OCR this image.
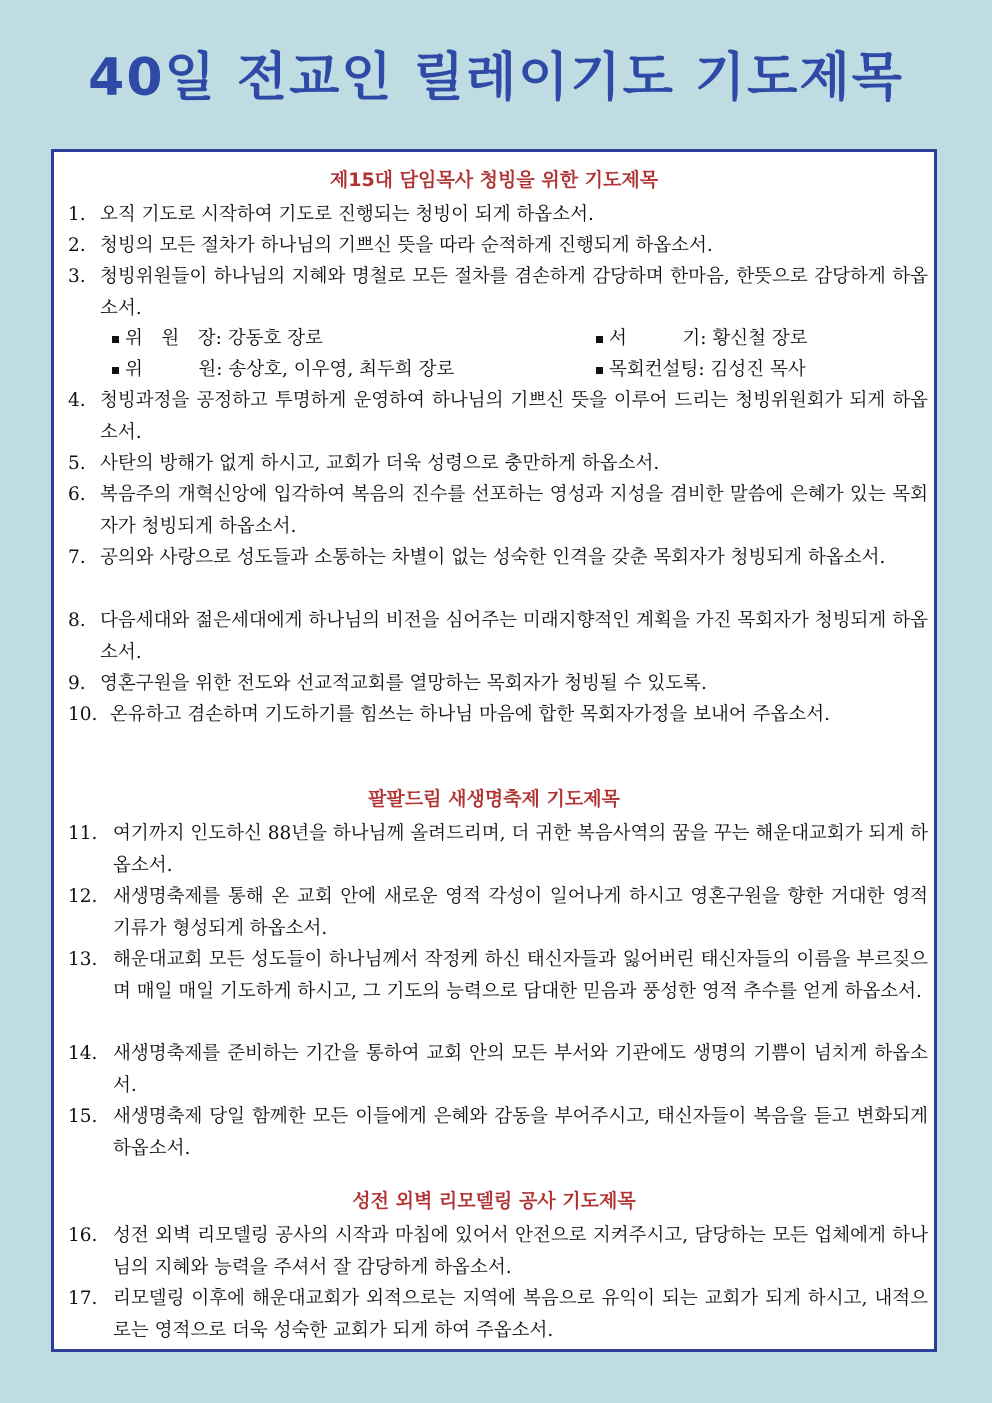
40일 전교인 릴레이기도 기도제목
제15대 담임목사 청빙을 위한 기도제목
1. 오직 기도로 시작하여 기도로 진행되는 청빙이 되게 하옵소서.
2. 청빙의 모든 절차가 하나님의 기쁘신 뜻을 따라 순적하게 진행되게 하옵소서.
3. 청빙위원들이 하나님의 지혜와 명철로 모든 절차를 겸손하게 감당하며 한마음, 한뜻으로 감당하게 하옵소서.
위　원　장: 강동호 장로	서　　　기: 황신철 장로
위　　　원: 송상호, 이우영, 최두희 장로	목회컨설팅: 김성진 목사
4. 청빙과정을 공정하고 투명하게 운영하여 하나님의 기쁘신 뜻을 이루어 드리는 청빙위원회가 되게 하옵소서.
5. 사탄의 방해가 없게 하시고, 교회가 더욱 성령으로 충만하게 하옵소서.
6. 복음주의 개혁신앙에 입각하여 복음의 진수를 선포하는 영성과 지성을 겸비한 말씀에 은혜가 있는 목회자가 청빙되게 하옵소서.
7. 공의와 사랑으로 성도들과 소통하는 차별이 없는 성숙한 인격을 갖춘 목회자가 청빙되게 하옵소서.
8. 다음세대와 젊은세대에게 하나님의 비전을 심어주는 미래지향적인 계획을 가진 목회자가 청빙되게 하옵소서.
9. 영혼구원을 위한 전도와 선교적교회를 열망하는 목회자가 청빙될 수 있도록.
10. 온유하고 겸손하며 기도하기를 힘쓰는 하나님 마음에 합한 목회자가정을 보내어 주옵소서.
팔팔드림 새생명축제 기도제목
11. 여기까지 인도하신 88년을 하나님께 올려드리며, 더 귀한 복음사역의 꿈을 꾸는 해운대교회가 되게 하옵소서.
12. 새생명축제를 통해 온 교회 안에 새로운 영적 각성이 일어나게 하시고 영혼구원을 향한 거대한 영적 기류가 형성되게 하옵소서.
13. 해운대교회 모든 성도들이 하나님께서 작정케 하신 태신자들과 잃어버린 태신자들의 이름을 부르짖으며 매일 매일 기도하게 하시고, 그 기도의 능력으로 담대한 믿음과 풍성한 영적 추수를 얻게 하옵소서.
14. 새생명축제를 준비하는 기간을 통하여 교회 안의 모든 부서와 기관에도 생명의 기쁨이 넘치게 하옵소서.
15. 새생명축제 당일 함께한 모든 이들에게 은혜와 감동을 부어주시고, 태신자들이 복음을 듣고 변화되게 하옵소서.
성전 외벽 리모델링 공사 기도제목
16. 성전 외벽 리모델링 공사의 시작과 마침에 있어서 안전으로 지켜주시고, 담당하는 모든 업체에게 하나님의 지혜와 능력을 주셔서 잘 감당하게 하옵소서.
17. 리모델링 이후에 해운대교회가 외적으로는 지역에 복음으로 유익이 되는 교회가 되게 하시고, 내적으로는 영적으로 더욱 성숙한 교회가 되게 하여 주옵소서.
